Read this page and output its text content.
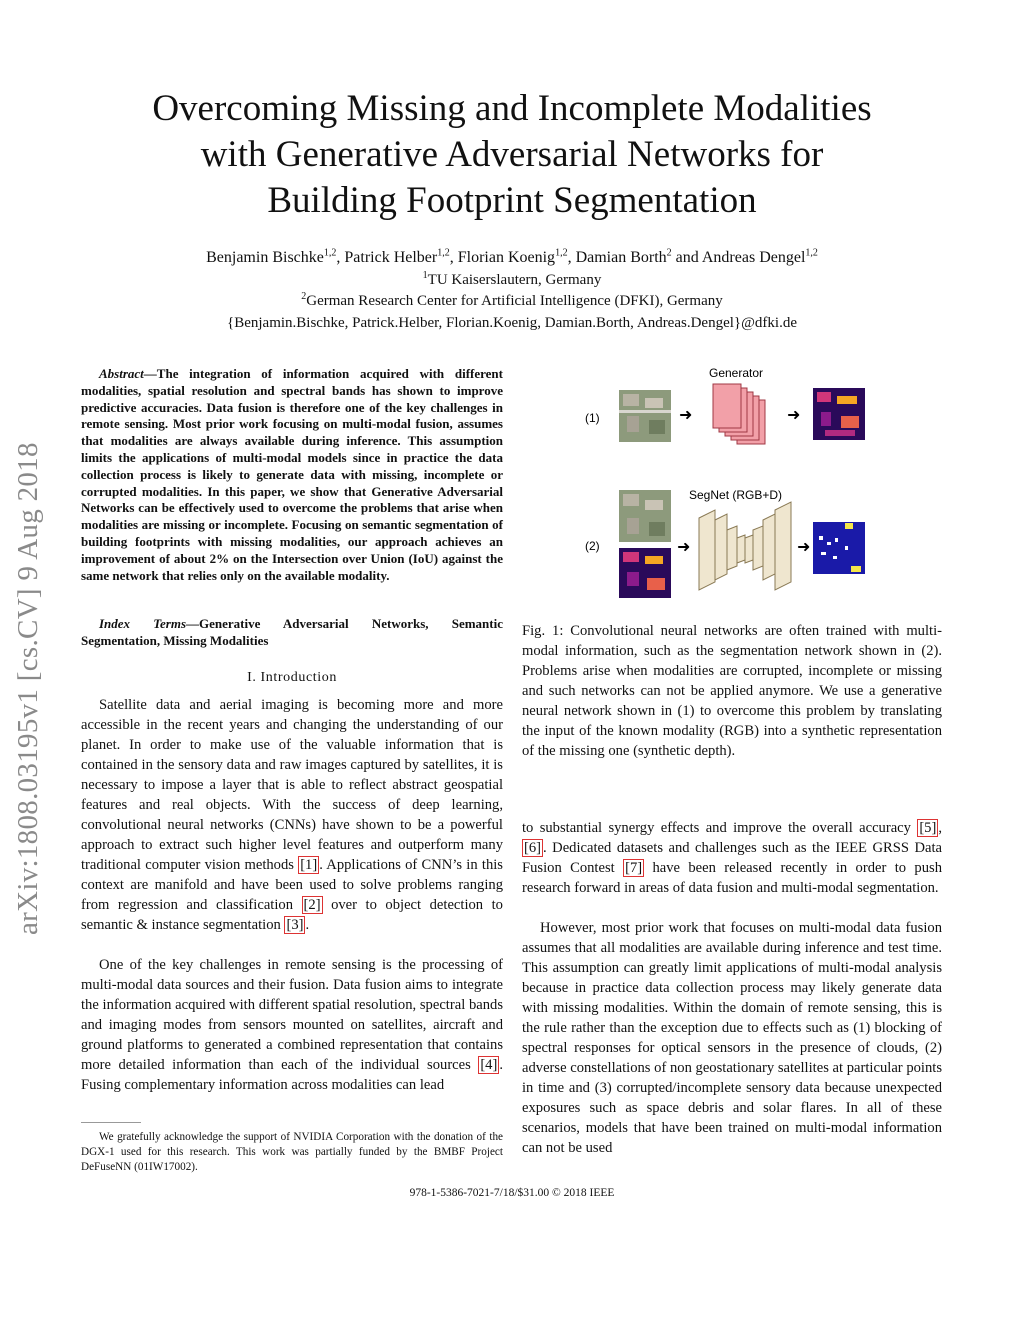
Overcoming Missing and Incomplete Modalities
with Generative Adversarial Networks for
Building Footprint Segmentation
Benjamin Bischke$^{1,2}$, Patrick Helber$^{1,2}$, Florian Koenig$^{1,2}$, Damian Borth$^2$ and Andreas Dengel$^{1,2}$
$^1$TU Kaiserslautern, Germany
$^2$German Research Center for Artificial Intelligence (DFKI), Germany
{Benjamin.Bischke, Patrick.Helber, Florian.Koenig, Damian.Borth, Andreas.Dengel}@dfki.de
arXiv:1808.03195v1 [cs.CV] 9 Aug 2018
Abstract—The integration of information acquired with different modalities, spatial resolution and spectral bands has shown to improve predictive accuracies. Data fusion is therefore one of the key challenges in remote sensing. Most prior work focusing on multi-modal fusion, assumes that modalities are always available during inference. This assumption limits the applications of multi-modal models since in practice the data collection process is likely to generate data with missing, incomplete or corrupted modalities. In this paper, we show that Generative Adversarial Networks can be effectively used to overcome the problems that arise when modalities are missing or incomplete. Focusing on semantic segmentation of building footprints with missing modalities, our approach achieves an improvement of about 2% on the Intersection over Union (IoU) against the same network that relies only on the available modality.
Index Terms—Generative Adversarial Networks, Semantic Segmentation, Missing Modalities
I. Introduction
Satellite data and aerial imaging is becoming more and more accessible in the recent years and changing the understanding of our planet. In order to make use of the valuable information that is contained in the sensory data and raw images captured by satellites, it is necessary to impose a layer that is able to reflect abstract geospatial features and real objects. With the success of deep learning, convolutional neural networks (CNNs) have shown to be a powerful approach to extract such higher level features and outperform many traditional computer vision methods [1] . Applications of CNN’s in this context are manifold and have been used to solve problems ranging from regression and classification [2] over to object detection to semantic & instance segmentation [3] .
One of the key challenges in remote sensing is the processing of multi-modal data sources and their fusion. Data fusion aims to integrate the information acquired with different spatial resolution, spectral bands and imaging modes from sensors mounted on satellites, aircraft and ground platforms to generated a combined representation that contains more detailed information than each of the individual sources [4] . Fusing complementary information across modalities can lead
We gratefully acknowledge the support of NVIDIA Corporation with the donation of the DGX-1 used for this research. This work was partially funded by the BMBF Project DeFuseNN (01IW17002).
(1)
(2)
Generator
SegNet (RGB+D)
➜	➜
➜	➜
Fig. 1: Convolutional neural networks are often trained with multi-modal information, such as the segmentation network shown in (2). Problems arise when modalities are corrupted, incomplete or missing and such networks can not be applied anymore. We use a generative neural network shown in (1) to overcome this problem by translating the input of the known modality (RGB) into a synthetic representation of the missing one (synthetic depth).
to substantial synergy effects and improve the overall accuracy [5] , [6] . Dedicated datasets and challenges such as the IEEE GRSS Data Fusion Contest [7] have been released recently in order to push research forward in areas of data fusion and multi-modal segmentation.
However, most prior work that focuses on multi-modal data fusion assumes that all modalities are available during inference and test time. This assumption can greatly limit applications of multi-modal analysis because in practice data collection process may likely generate data with missing modalities. Within the domain of remote sensing, this is the rule rather than the exception due to effects such as (1) blocking of spectral responses for optical sensors in the presence of clouds, (2) adverse constellations of non geostationary satellites at particular points in time and (3) corrupted/incomplete sensory data because unexpected exposures such as space debris and solar flares. In all of these scenarios, models that have been trained on multi-modal information can not be used
978-1-5386-7021-7/18/$31.00 © 2018 IEEE
